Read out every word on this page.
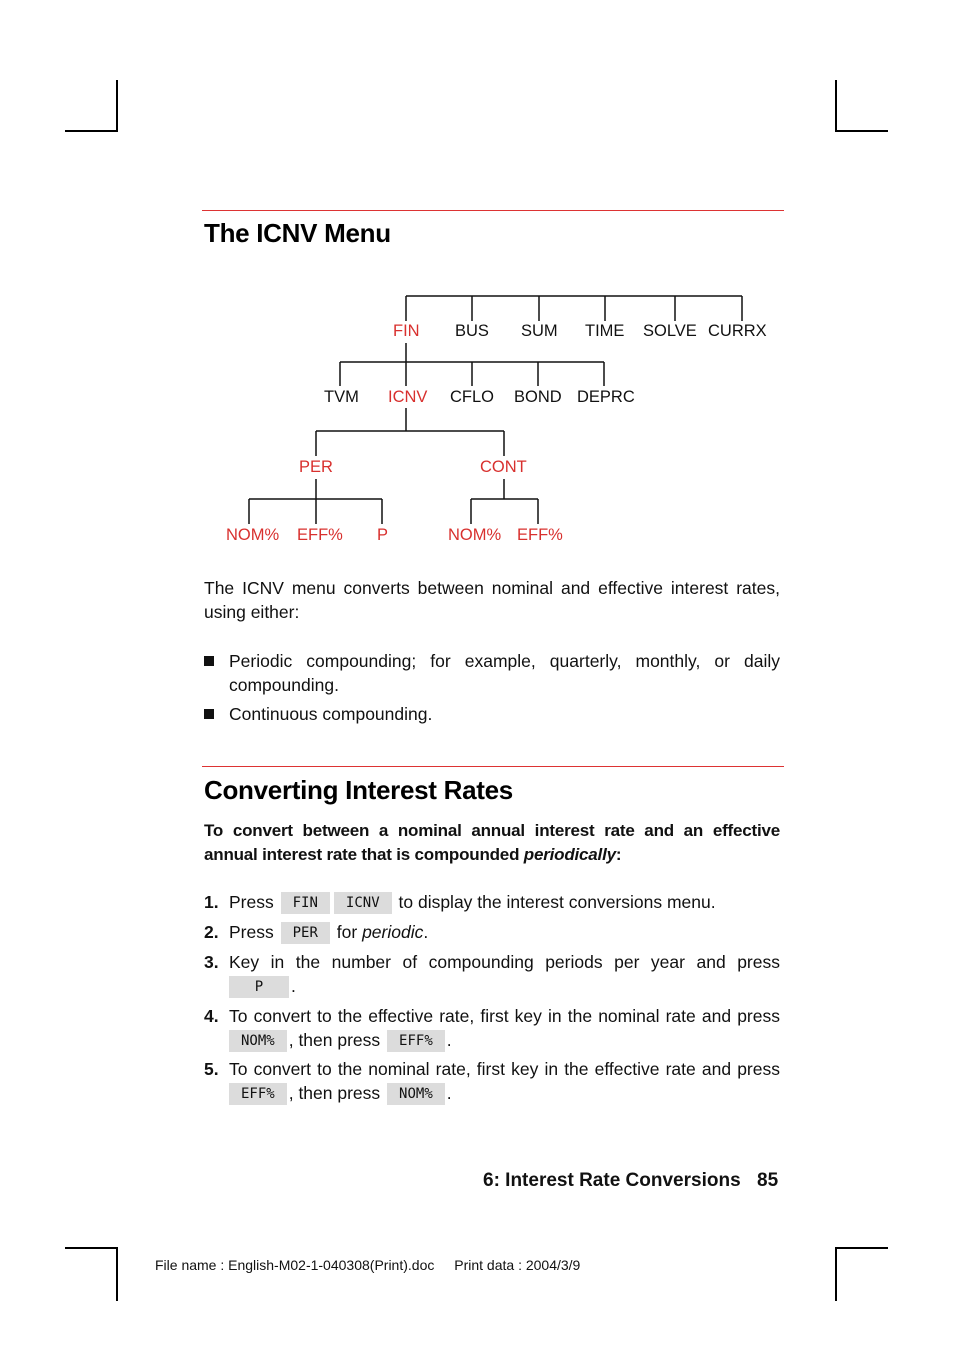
The ICNV Menu
FIN BUS SUM TIME SOLVE CURRX
TVM ICNV CFLO BOND DEPRC
PER	CONT
NOM% EFF% P	NOM% EFF%
The ICNV menu converts between nominal and effective interest rates, using either:
Periodic compounding; for example, quarterly, monthly, or daily compounding.
Continuous compounding.
Converting Interest Rates
To convert between a nominal annual interest rate and an effective annual interest rate that is compounded periodically:
1. Press FIN ICNV to display the interest conversions menu.
2. Press PER for periodic.
3. Key in the number of compounding periods per year and press P .
4. To convert to the effective rate, first key in the nominal rate and press NOM% , then press EFF% .
5. To convert to the nominal rate, first key in the effective rate and press EFF% , then press NOM% .
6: Interest Rate Conversions 85
File name : English-M02-1-040308(Print).doc Print data : 2004/3/9
